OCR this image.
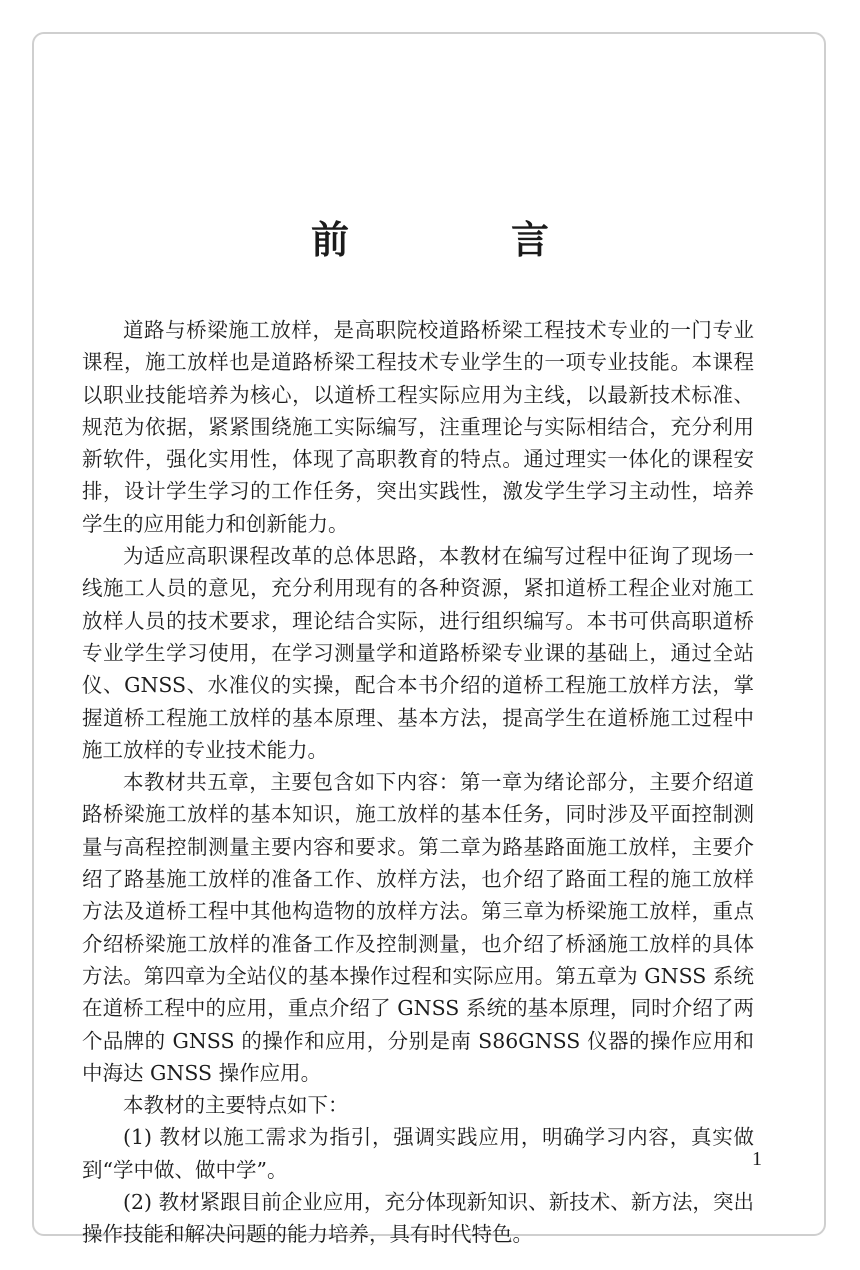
前　言

道路与桥梁施工放样，是高职院校道路桥梁工程技术专业的一门专业课程，施工放样也是道路桥梁工程技术专业学生的一项专业技能。本课程以职业技能培养为核心，以道桥工程实际应用为主线，以最新技术标准、规范为依据，紧紧围绕施工实际编写，注重理论与实际相结合，充分利用新软件，强化实用性，体现了高职教育的特点。通过理实一体化的课程安排，设计学生学习的工作任务，突出实践性，激发学生学习主动性，培养学生的应用能力和创新能力。

为适应高职课程改革的总体思路，本教材在编写过程中征询了现场一线施工人员的意见，充分利用现有的各种资源，紧扣道桥工程企业对施工放样人员的技术要求，理论结合实际，进行组织编写。本书可供高职道桥专业学生学习使用，在学习测量学和道路桥梁专业课的基础上，通过全站仪、GNSS、水准仪的实操，配合本书介绍的道桥工程施工放样方法，掌握道桥工程施工放样的基本原理、基本方法，提高学生在道桥施工过程中施工放样的专业技术能力。

本教材共五章，主要包含如下内容：第一章为绪论部分，主要介绍道路桥梁施工放样的基本知识，施工放样的基本任务，同时涉及平面控制测量与高程控制测量主要内容和要求。第二章为路基路面施工放样，主要介绍了路基施工放样的准备工作、放样方法，也介绍了路面工程的施工放样方法及道桥工程中其他构造物的放样方法。第三章为桥梁施工放样，重点介绍桥梁施工放样的准备工作及控制测量，也介绍了桥涵施工放样的具体方法。第四章为全站仪的基本操作过程和实际应用。第五章为 GNSS 系统在道桥工程中的应用，重点介绍了 GNSS 系统的基本原理，同时介绍了两个品牌的 GNSS 的操作和应用，分别是南 S86GNSS 仪器的操作应用和中海达 GNSS 操作应用。

本教材的主要特点如下：

(1) 教材以施工需求为指引，强调实践应用，明确学习内容，真实做到“学中做、做中学”。

(2) 教材紧跟目前企业应用，充分体现新知识、新技术、新方法，突出操作技能和解决问题的能力培养，具有时代特色。

1
